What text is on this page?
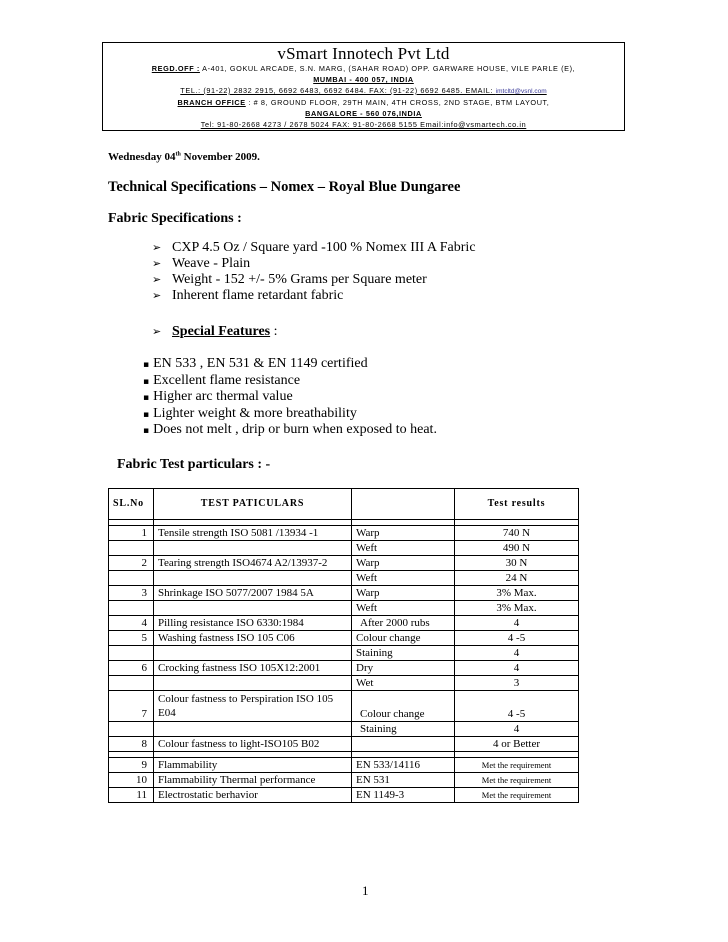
vSmart Innotech Pvt Ltd
REGD.OFF : A-401, GOKUL ARCADE, S.N. MARG, (SAHAR ROAD) OPP. GARWARE HOUSE, VILE PARLE (E),
MUMBAI - 400 057, INDIA
TEL.: (91-22) 2832 2915, 6692 6483, 6692 6484. FAX: (91-22) 6692 6485. EMAIL: imtcltd@vsnl.com
BRANCH OFFICE : # 8, GROUND FLOOR, 29TH MAIN, 4TH CROSS, 2ND STAGE, BTM LAYOUT,
BANGALORE - 560 076,INDIA
Tel: 91-80-2668 4273 / 2678 5024 FAX: 91-80-2668 5155 Email:info@vsmartech.co.in
Wednesday 04th November 2009.
Technical Specifications – Nomex – Royal Blue Dungaree
Fabric Specifications :
➢ CXP 4.5 Oz / Square yard -100 % Nomex III A Fabric
➢ Weave - Plain
➢ Weight - 152 +/- 5% Grams per Square meter
➢ Inherent flame retardant fabric
➢ Special Features :
▪ EN 533 , EN 531 & EN 1149 certified
▪ Excellent flame resistance
▪ Higher arc thermal value
▪ Lighter weight & more breathability
▪ Does not melt , drip or burn when exposed to heat.
Fabric Test particulars : -
SL.No	TEST PATICULARS		Test results

1	Tensile strength ISO 5081 /13934 -1	Warp	740 N
		Weft	490 N
2	Tearing strength ISO4674 A2/13937-2	Warp	30 N
		Weft	24 N
3	Shrinkage ISO 5077/2007 1984 5A	Warp	3% Max.
		Weft	3% Max.
4	Pilling resistance ISO 6330:1984	After 2000 rubs	4
5	Washing fastness ISO 105 C06	Colour change	4 -5
		Staining	4
6	Crocking fastness ISO 105X12:2001	Dry	4
		Wet	3
7	Colour fastness to Perspiration ISO 105 E04	Colour change	4 -5
		Staining	4
8	Colour fastness to light-ISO105 B02		4 or Better

9	Flammability	EN 533/14116	Met the requirement
10	Flammability Thermal performance	EN 531	Met the requirement
11	Electrostatic berhavior	EN 1149-3	Met the requirement
1
